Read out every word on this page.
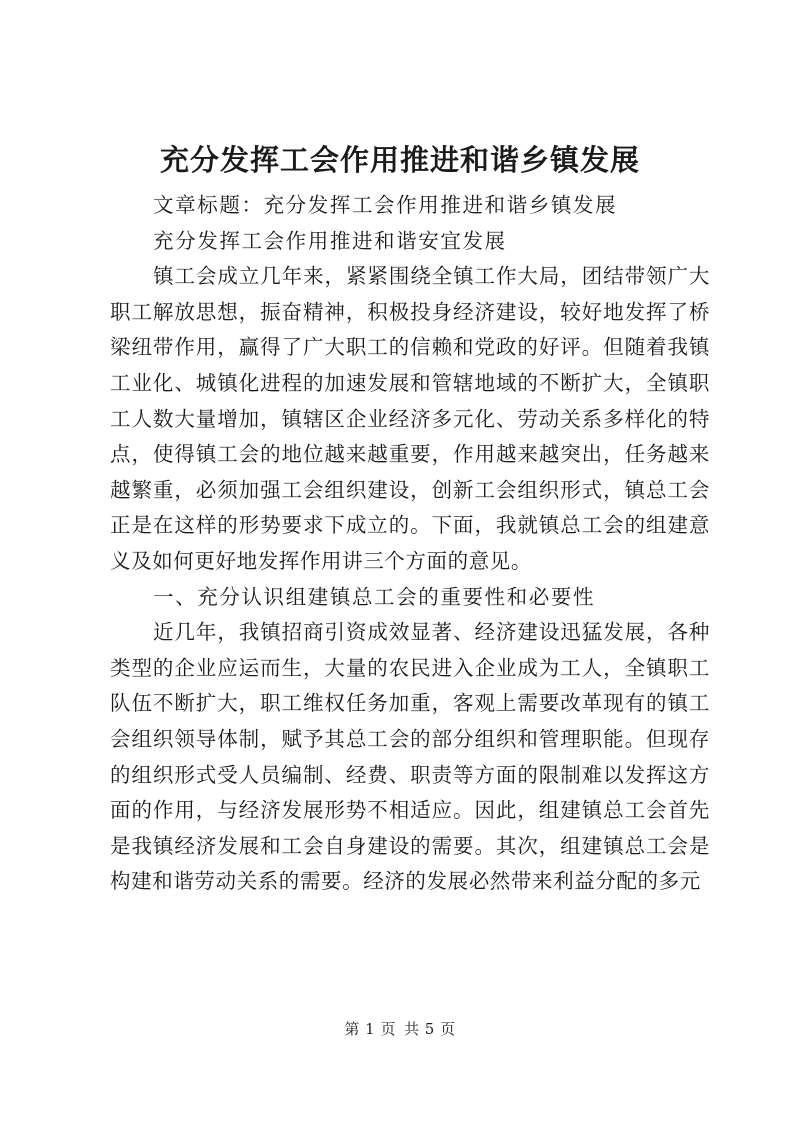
充分发挥工会作用推进和谐乡镇发展

文章标题：充分发挥工会作用推进和谐乡镇发展

充分发挥工会作用推进和谐安宜发展

镇工会成立几年来，紧紧围绕全镇工作大局，团结带领广大职工解放思想，振奋精神，积极投身经济建设，较好地发挥了桥梁纽带作用，赢得了广大职工的信赖和党政的好评。但随着我镇工业化、城镇化进程的加速发展和管辖地域的不断扩大，全镇职工人数大量增加，镇辖区企业经济多元化、劳动关系多样化的特点，使得镇工会的地位越来越重要，作用越来越突出，任务越来越繁重，必须加强工会组织建设，创新工会组织形式，镇总工会正是在这样的形势要求下成立的。下面，我就镇总工会的组建意义及如何更好地发挥作用讲三个方面的意见。

一、充分认识组建镇总工会的重要性和必要性

近几年，我镇招商引资成效显著、经济建设迅猛发展，各种类型的企业应运而生，大量的农民进入企业成为工人，全镇职工队伍不断扩大，职工维权任务加重，客观上需要改革现有的镇工会组织领导体制，赋予其总工会的部分组织和管理职能。但现存的组织形式受人员编制、经费、职责等方面的限制难以发挥这方面的作用，与经济发展形势不相适应。因此，组建镇总工会首先是我镇经济发展和工会自身建设的需要。其次，组建镇总工会是构建和谐劳动关系的需要。经济的发展必然带来利益分配的多元

第 1 页 共 5 页
